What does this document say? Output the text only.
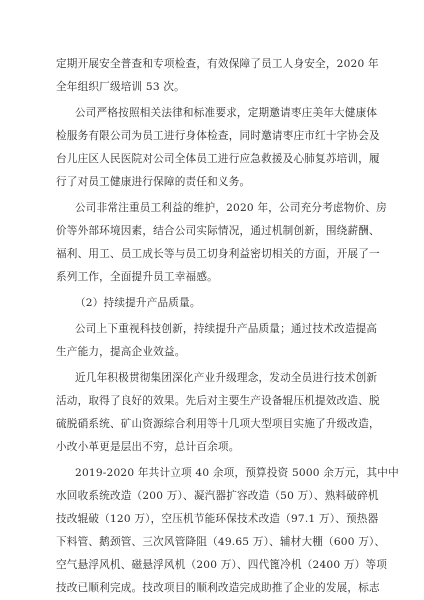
定期开展安全普查和专项检查，有效保障了员工人身安全，2020 年
全年组织厂级培训 53 次。
公司严格按照相关法律和标准要求，定期邀请枣庄美年大健康体
检服务有限公司为员工进行身体检查，同时邀请枣庄市红十字协会及
台儿庄区人民医院对公司全体员工进行应急救援及心肺复苏培训，履
行了对员工健康进行保障的责任和义务。
公司非常注重员工利益的维护，2020 年，公司充分考虑物价、房
价等外部环境因素，结合公司实际情况，通过机制创新，围绕薪酬、
福利、用工、员工成长等与员工切身利益密切相关的方面，开展了一
系列工作，全面提升员工幸福感。
（2）持续提升产品质量。
公司上下重视科技创新，持续提升产品质量；通过技术改造提高
生产能力，提高企业效益。
近几年积极贯彻集团深化产业升级理念，发动全员进行技术创新
活动，取得了良好的效果。先后对主要生产设备辊压机提效改造、脱
硫脱硝系统、矿山资源综合利用等十几项大型项目实施了升级改造，
小改小革更是层出不穷，总计百余项。
2019-2020 年共计立项 40 余项，预算投资 5000 余万元，其中中
水回收系统改造（200 万）、凝汽器扩容改造（50 万）、熟料破碎机
技改辊破（120 万），空压机节能环保技术改造（97.1 万）、预热器
下料管、鹅颈管、三次风管降阻（49.65 万）、辅材大棚（600 万）、
空气悬浮风机、磁悬浮风机（200 万）、四代篦冷机（2400 万）等项
技改已顺利完成。技改项目的顺利改造完成助推了企业的发展，标志
